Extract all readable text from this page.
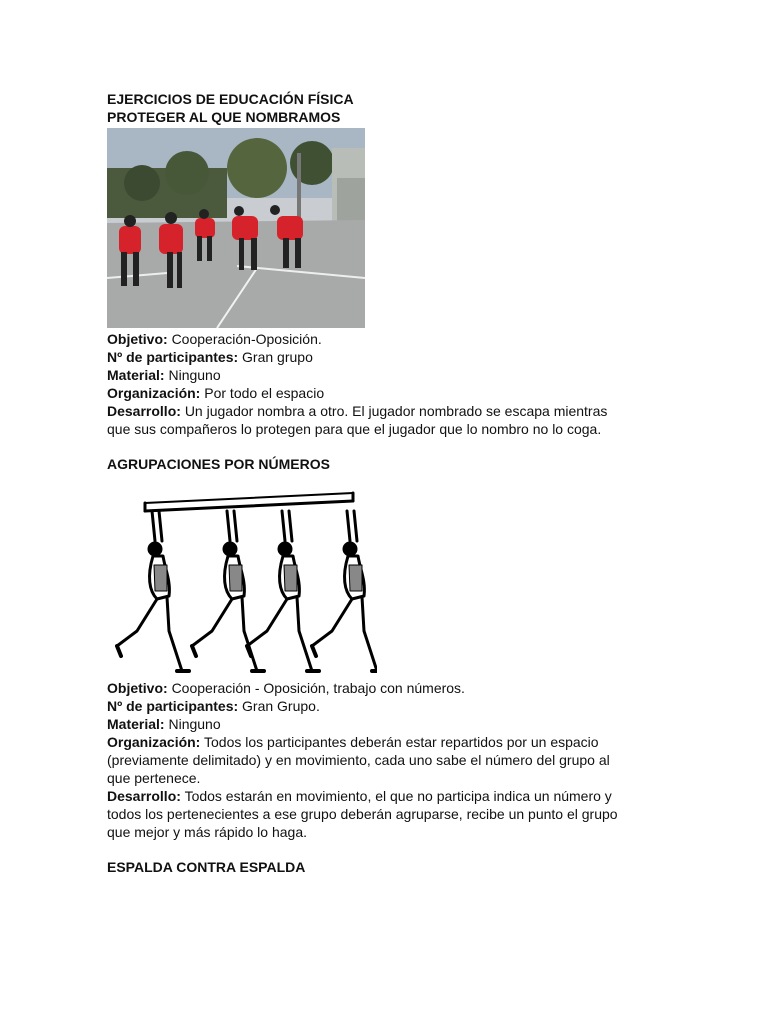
EJERCICIOS DE EDUCACIÓN FÍSICA

PROTEGER AL QUE NOMBRAMOS

Objetivo: Cooperación-Oposición.

Nº de participantes: Gran grupo

Material: Ninguno

Organización: Por todo el espacio

Desarrollo: Un jugador nombra a otro. El jugador nombrado se escapa mientras

que sus compañeros lo protegen para que el jugador que lo nombro no lo coga.

AGRUPACIONES POR NÚMEROS

Objetivo: Cooperación - Oposición, trabajo con números.

Nº de participantes: Gran Grupo.

Material: Ninguno

Organización: Todos los participantes deberán estar repartidos por un espacio

(previamente delimitado) y en movimiento, cada uno sabe el número del grupo al

que pertenece.

Desarrollo: Todos estarán en movimiento, el que no participa indica un número y

todos los pertenecientes a ese grupo deberán agruparse, recibe un punto el grupo

que mejor y más rápido lo haga.

ESPALDA CONTRA ESPALDA
